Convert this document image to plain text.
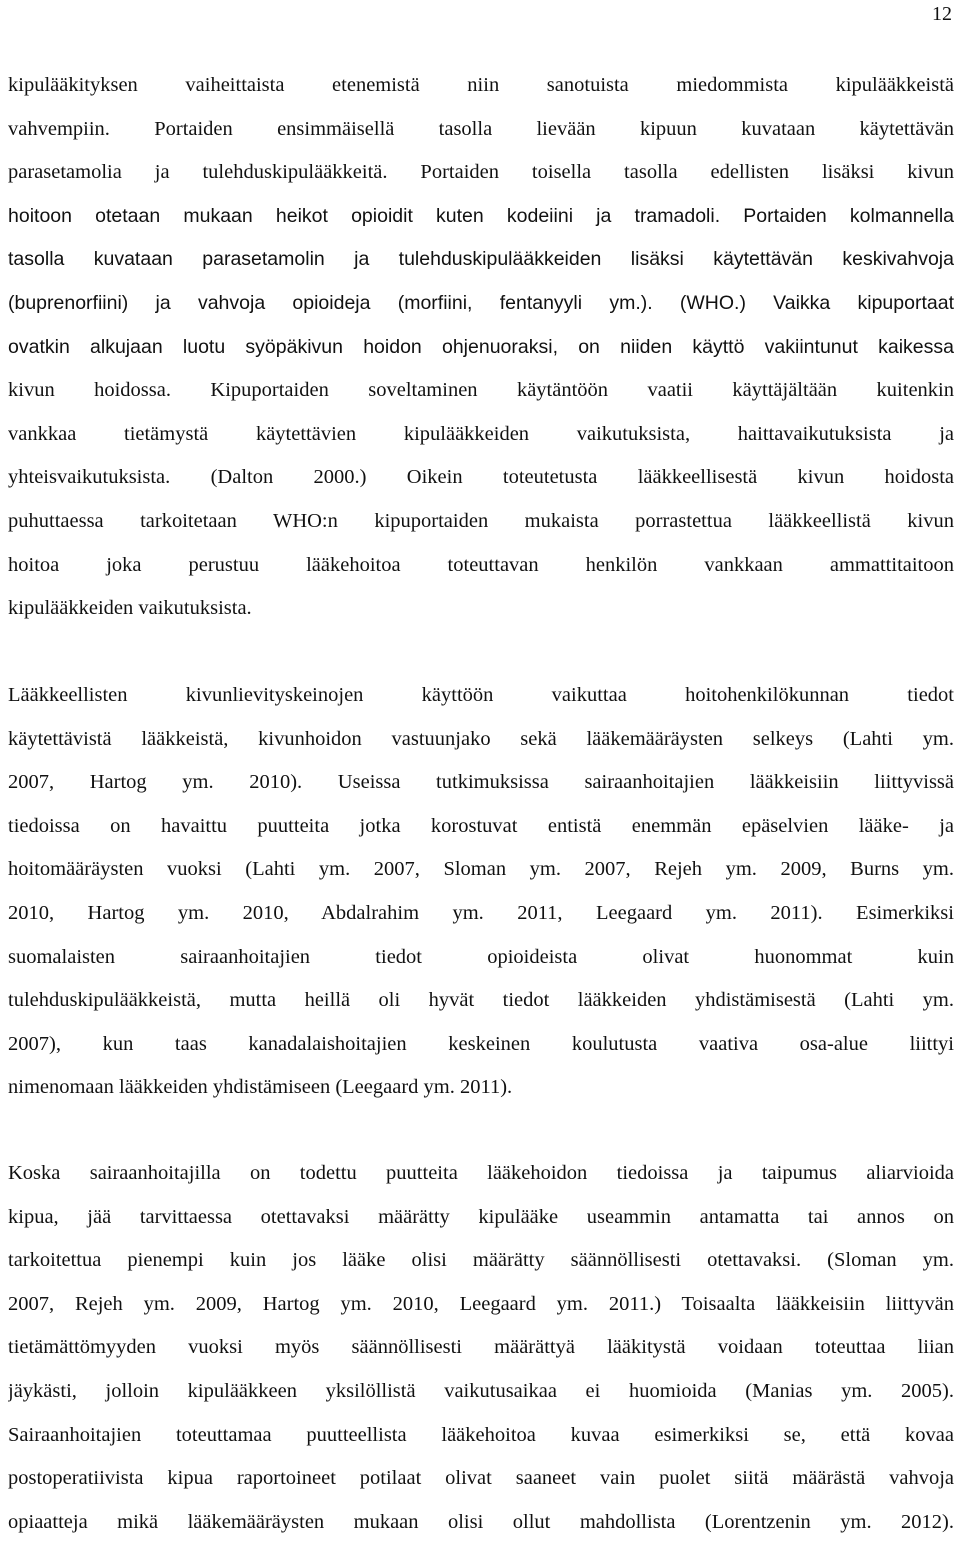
12
kipulääkityksen vaiheittaista etenemistä niin sanotuista miedommista kipulääkkeistä
vahvempiin. Portaiden ensimmäisellä tasolla lievään kipuun kuvataan käytettävän
parasetamolia ja tulehduskipulääkkeitä. Portaiden toisella tasolla edellisten lisäksi kivun
hoitoon otetaan mukaan heikot opioidit kuten kodeiini ja tramadoli. Portaiden kolmannella
tasolla kuvataan parasetamolin ja tulehduskipulääkkeiden lisäksi käytettävän keskivahvoja
(buprenorfiini) ja vahvoja opioideja (morfiini, fentanyyli ym.). (WHO.) Vaikka kipuportaat
ovatkin alkujaan luotu syöpäkivun hoidon ohjenuoraksi, on niiden käyttö vakiintunut kaikessa
kivun hoidossa. Kipuportaiden soveltaminen käytäntöön vaatii käyttäjältään kuitenkin
vankkaa tietämystä käytettävien kipulääkkeiden vaikutuksista, haittavaikutuksista ja
yhteisvaikutuksista. (Dalton 2000.) Oikein toteutetusta lääkkeellisestä kivun hoidosta
puhuttaessa tarkoitetaan WHO:n kipuportaiden mukaista porrastettua lääkkeellistä kivun
hoitoa joka perustuu lääkehoitoa toteuttavan henkilön vankkaan ammattitaitoon
kipulääkkeiden vaikutuksista.
Lääkkeellisten kivunlievityskeinojen käyttöön vaikuttaa hoitohenkilökunnan tiedot
käytettävistä lääkkeistä, kivunhoidon vastuunjako sekä lääkemääräysten selkeys (Lahti ym.
2007, Hartog ym. 2010). Useissa tutkimuksissa sairaanhoitajien lääkkeisiin liittyvissä
tiedoissa on havaittu puutteita jotka korostuvat entistä enemmän epäselvien lääke- ja
hoitomääräysten vuoksi (Lahti ym. 2007, Sloman ym. 2007, Rejeh ym. 2009, Burns ym.
2010, Hartog ym. 2010, Abdalrahim ym. 2011, Leegaard ym. 2011). Esimerkiksi
suomalaisten sairaanhoitajien tiedot opioideista olivat huonommat kuin
tulehduskipulääkkeistä, mutta heillä oli hyvät tiedot lääkkeiden yhdistämisestä (Lahti ym.
2007), kun taas kanadalaishoitajien keskeinen koulutusta vaativa osa-alue liittyi
nimenomaan lääkkeiden yhdistämiseen (Leegaard ym. 2011).
Koska sairaanhoitajilla on todettu puutteita lääkehoidon tiedoissa ja taipumus aliarvioida
kipua, jää tarvittaessa otettavaksi määrätty kipulääke useammin antamatta tai annos on
tarkoitettua pienempi kuin jos lääke olisi määrätty säännöllisesti otettavaksi. (Sloman ym.
2007, Rejeh ym. 2009, Hartog ym. 2010, Leegaard ym. 2011.) Toisaalta lääkkeisiin liittyvän
tietämättömyyden vuoksi myös säännöllisesti määrättyä lääkitystä voidaan toteuttaa liian
jäykästi, jolloin kipulääkkeen yksilöllistä vaikutusaikaa ei huomioida (Manias ym. 2005).
Sairaanhoitajien toteuttamaa puutteellista lääkehoitoa kuvaa esimerkiksi se, että kovaa
postoperatiivista kipua raportoineet potilaat olivat saaneet vain puolet siitä määrästä vahvoja
opiaatteja mikä lääkemääräysten mukaan olisi ollut mahdollista (Lorentzenin ym. 2012).
